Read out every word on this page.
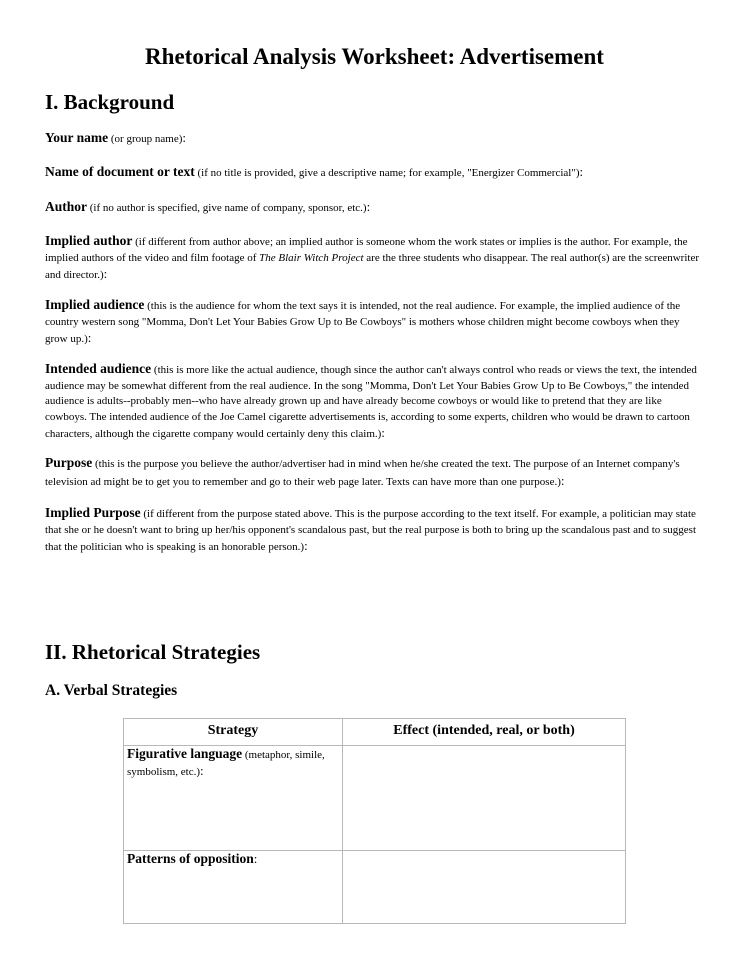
Rhetorical Analysis Worksheet: Advertisement
I. Background

Your name (or group name):

Name of document or text (if no title is provided, give a descriptive name; for example, "Energizer Commercial"):

Author (if no author is specified, give name of company, sponsor, etc.):

Implied author (if different from author above; an implied author is someone whom the work states or implies is the author. For example, the implied authors of the video and film footage of The Blair Witch Project are the three students who disappear. The real author(s) are the screenwriter and director.):

Implied audience (this is the audience for whom the text says it is intended, not the real audience. For example, the implied audience of the country western song "Momma, Don't Let Your Babies Grow Up to Be Cowboys" is mothers whose children might become cowboys when they grow up.):

Intended audience (this is more like the actual audience, though since the author can't always control who reads or views the text, the intended audience may be somewhat different from the real audience. In the song "Momma, Don't Let Your Babies Grow Up to Be Cowboys," the intended audience is adults--probably men--who have already grown up and have already become cowboys or would like to pretend that they are like cowboys. The intended audience of the Joe Camel cigarette advertisements is, according to some experts, children who would be drawn to cartoon characters, although the cigarette company would certainly deny this claim.):

Purpose (this is the purpose you believe the author/advertiser had in mind when he/she created the text. The purpose of an Internet company's television ad might be to get you to remember and go to their web page later. Texts can have more than one purpose.):

Implied Purpose (if different from the purpose stated above. This is the purpose according to the text itself. For example, a politician may state that she or he doesn't want to bring up her/his opponent's scandalous past, but the real purpose is both to bring up the scandalous past and to suggest that the politician who is speaking is an honorable person.):

II. Rhetorical Strategies
A. Verbal Strategies
Strategy	Effect (intended, real, or both)
Figurative language (metaphor, simile, symbolism, etc.):	
Patterns of opposition:	
